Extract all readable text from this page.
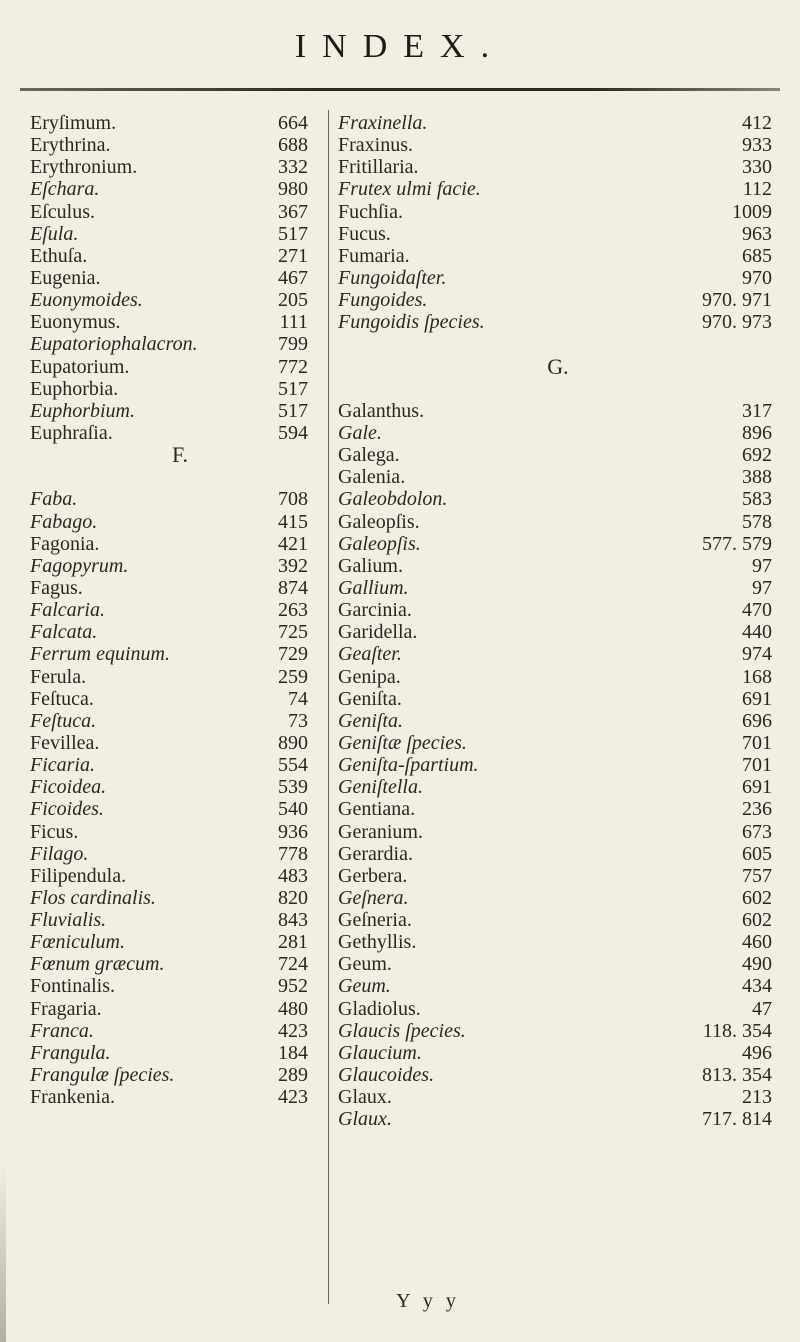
INDEX.
Eryſimum.	664
Erythrina.	688
Erythronium.	332
Eſchara.	980
Eſculus.	367
Eſula.	517
Ethuſa.	271
Eugenia.	467
Euonymoides.	205
Euonymus.	111
Eupatoriophalacron.	799
Eupatorium.	772
Euphorbia.	517
Euphorbium.	517
Euphraſia.	594
F.
Faba.	708
Fabago.	415
Fagonia.	421
Fagopyrum.	392
Fagus.	874
Falcaria.	263
Falcata.	725
Ferrum equinum.	729
Ferula.	259
Feſtuca.	74
Feſtuca.	73
Fevillea.	890
Ficaria.	554
Ficoidea.	539
Ficoides.	540
Ficus.	936
Filago.	778
Filipendula.	483
Flos cardinalis.	820
Fluvialis.	843
Fœniculum.	281
Fœnum græcum.	724
Fontinalis.	952
Fragaria.	480
Franca.	423
Frangula.	184
Frangulæ ſpecies.	289
Frankenia.	423
Fraxinella.	412
Fraxinus.	933
Fritillaria.	330
Frutex ulmi facie.	112
Fuchſia.	1009
Fucus.	963
Fumaria.	685
Fungoidaſter.	970
Fungoides.	970. 971
Fungoidis ſpecies.	970. 973
G.
Galanthus.	317
Gale.	896
Galega.	692
Galenia.	388
Galeobdolon.	583
Galeopſis.	578
Galeopſis.	577. 579
Galium.	97
Gallium.	97
Garcinia.	470
Garidella.	440
Geaſter.	974
Genipa.	168
Geniſta.	691
Geniſta.	696
Geniſtæ ſpecies.	701
Geniſta-ſpartium.	701
Geniſtella.	691
Gentiana.	236
Geranium.	673
Gerardia.	605
Gerbera.	757
Geſnera.	602
Geſneria.	602
Gethyllis.	460
Geum.	490
Geum.	434
Gladiolus.	47
Glaucis ſpecies.	118. 354
Glaucium.	496
Glaucoides.	813. 354
Glaux.	213
Glaux.	717. 814
Y y y
